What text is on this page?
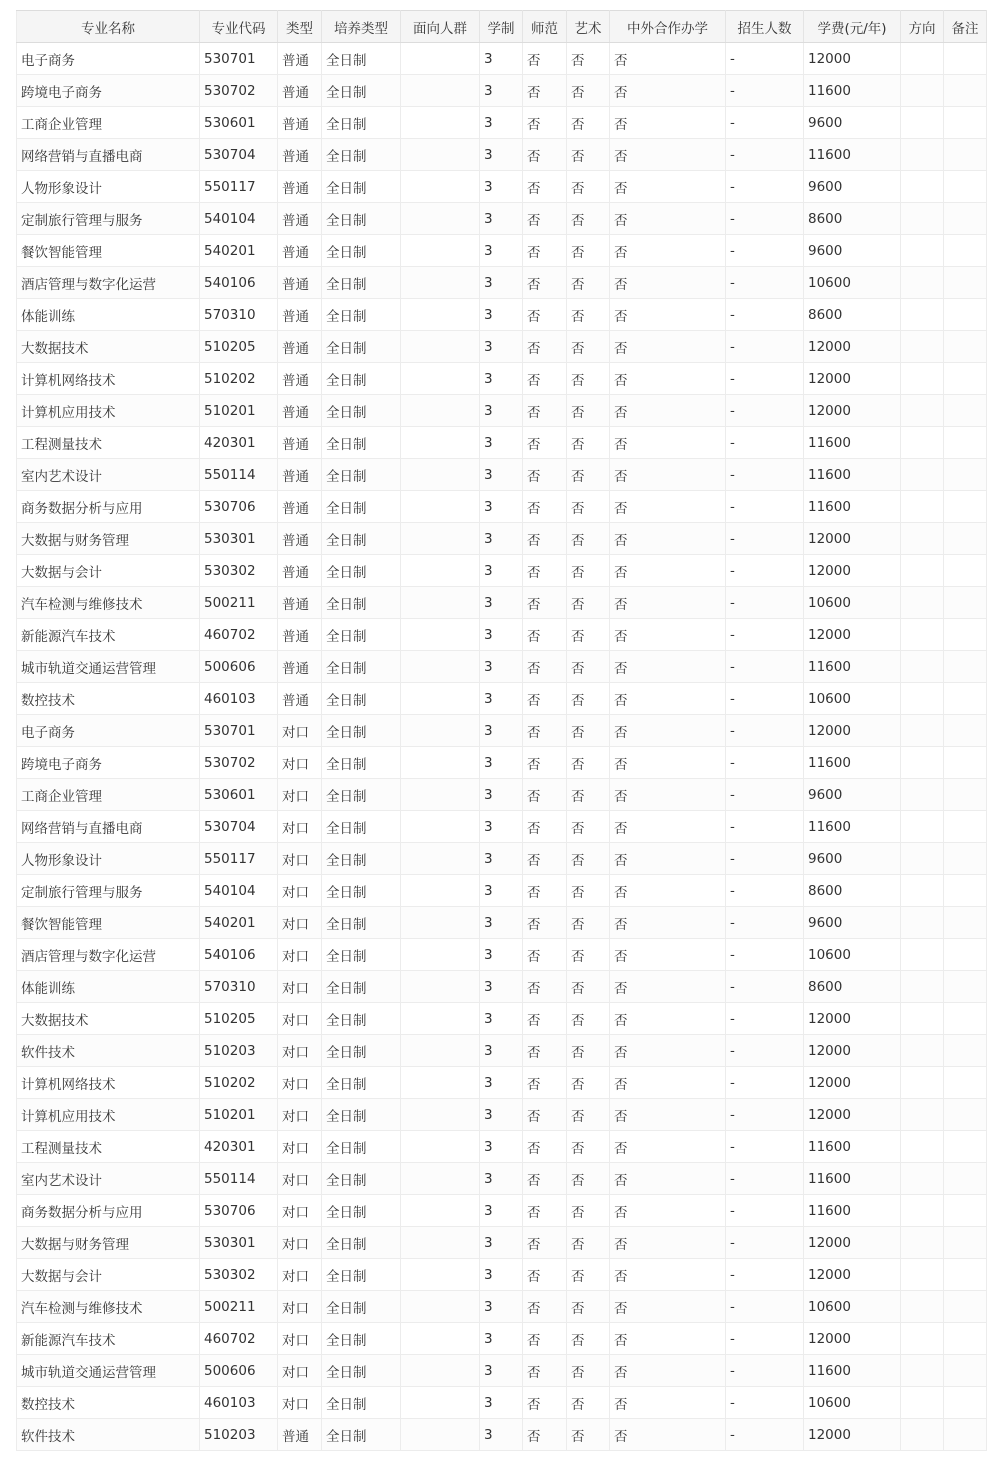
专业名称	专业代码	类型	培养类型	面向人群	学制	师范	艺术	中外合作办学	招生人数	学费(元/年)	方向	备注
电子商务	530701	普通	全日制		3	否	否	否	-	12000		
跨境电子商务	530702	普通	全日制		3	否	否	否	-	11600		
工商企业管理	530601	普通	全日制		3	否	否	否	-	9600		
网络营销与直播电商	530704	普通	全日制		3	否	否	否	-	11600		
人物形象设计	550117	普通	全日制		3	否	否	否	-	9600		
定制旅行管理与服务	540104	普通	全日制		3	否	否	否	-	8600		
餐饮智能管理	540201	普通	全日制		3	否	否	否	-	9600		
酒店管理与数字化运营	540106	普通	全日制		3	否	否	否	-	10600		
体能训练	570310	普通	全日制		3	否	否	否	-	8600		
大数据技术	510205	普通	全日制		3	否	否	否	-	12000		
计算机网络技术	510202	普通	全日制		3	否	否	否	-	12000		
计算机应用技术	510201	普通	全日制		3	否	否	否	-	12000		
工程测量技术	420301	普通	全日制		3	否	否	否	-	11600		
室内艺术设计	550114	普通	全日制		3	否	否	否	-	11600		
商务数据分析与应用	530706	普通	全日制		3	否	否	否	-	11600		
大数据与财务管理	530301	普通	全日制		3	否	否	否	-	12000		
大数据与会计	530302	普通	全日制		3	否	否	否	-	12000		
汽车检测与维修技术	500211	普通	全日制		3	否	否	否	-	10600		
新能源汽车技术	460702	普通	全日制		3	否	否	否	-	12000		
城市轨道交通运营管理	500606	普通	全日制		3	否	否	否	-	11600		
数控技术	460103	普通	全日制		3	否	否	否	-	10600		
电子商务	530701	对口	全日制		3	否	否	否	-	12000		
跨境电子商务	530702	对口	全日制		3	否	否	否	-	11600		
工商企业管理	530601	对口	全日制		3	否	否	否	-	9600		
网络营销与直播电商	530704	对口	全日制		3	否	否	否	-	11600		
人物形象设计	550117	对口	全日制		3	否	否	否	-	9600		
定制旅行管理与服务	540104	对口	全日制		3	否	否	否	-	8600		
餐饮智能管理	540201	对口	全日制		3	否	否	否	-	9600		
酒店管理与数字化运营	540106	对口	全日制		3	否	否	否	-	10600		
体能训练	570310	对口	全日制		3	否	否	否	-	8600		
大数据技术	510205	对口	全日制		3	否	否	否	-	12000		
软件技术	510203	对口	全日制		3	否	否	否	-	12000		
计算机网络技术	510202	对口	全日制		3	否	否	否	-	12000		
计算机应用技术	510201	对口	全日制		3	否	否	否	-	12000		
工程测量技术	420301	对口	全日制		3	否	否	否	-	11600		
室内艺术设计	550114	对口	全日制		3	否	否	否	-	11600		
商务数据分析与应用	530706	对口	全日制		3	否	否	否	-	11600		
大数据与财务管理	530301	对口	全日制		3	否	否	否	-	12000		
大数据与会计	530302	对口	全日制		3	否	否	否	-	12000		
汽车检测与维修技术	500211	对口	全日制		3	否	否	否	-	10600		
新能源汽车技术	460702	对口	全日制		3	否	否	否	-	12000		
城市轨道交通运营管理	500606	对口	全日制		3	否	否	否	-	11600		
数控技术	460103	对口	全日制		3	否	否	否	-	10600		
软件技术	510203	普通	全日制		3	否	否	否	-	12000		
